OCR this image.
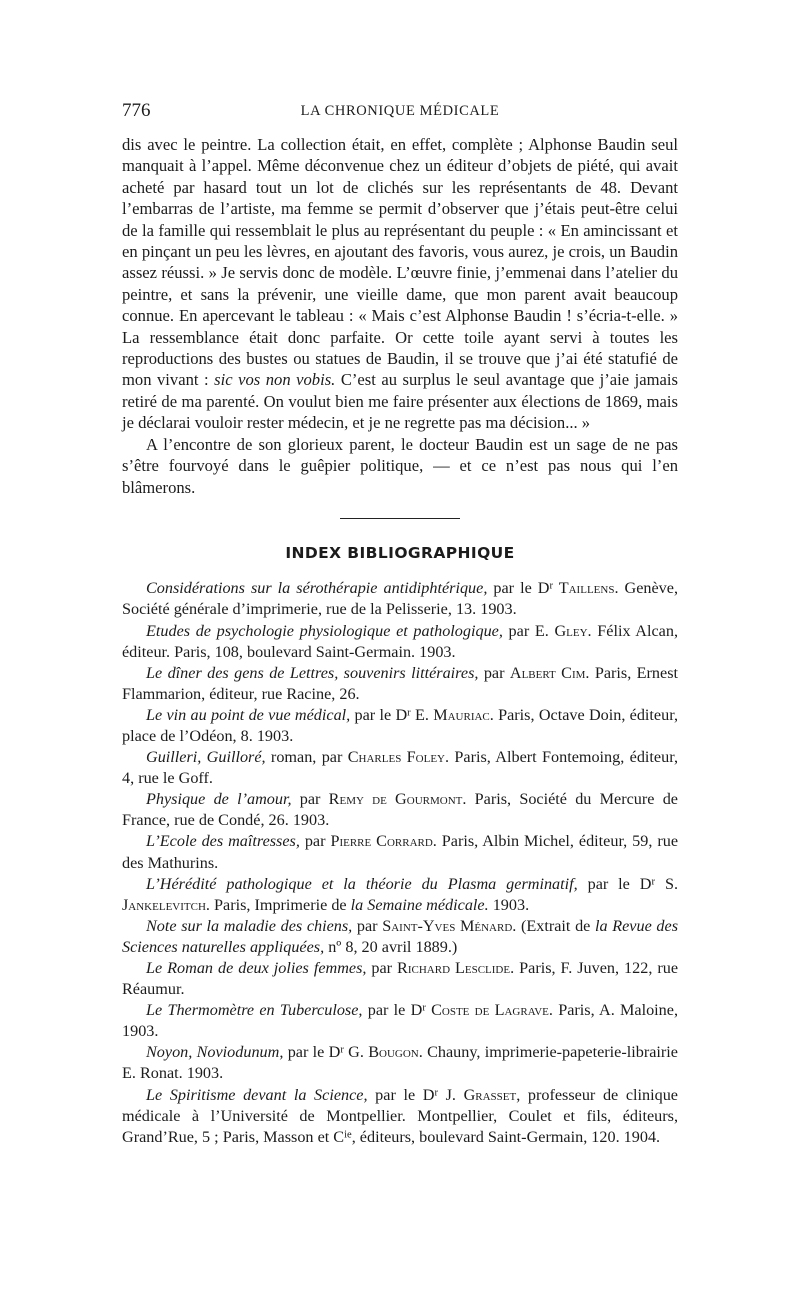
776	LA CHRONIQUE MÉDICALE

dis avec le peintre. La collection était, en effet, complète ; Alphonse Baudin seul manquait à l’appel. Même déconvenue chez un éditeur d’objets de piété, qui avait acheté par hasard tout un lot de clichés sur les représentants de 48. Devant l’embarras de l’artiste, ma femme se permit d’observer que j’étais peut-être celui de la famille qui ressemblait le plus au représentant du peuple : « En amincissant et en pinçant un peu les lèvres, en ajoutant des favoris, vous aurez, je crois, un Baudin assez réussi. » Je servis donc de modèle. L’œuvre finie, j’emmenai dans l’atelier du peintre, et sans la prévenir, une vieille dame, que mon parent avait beaucoup connue. En apercevant le tableau : « Mais c’est Alphonse Baudin ! s’écria-t-elle. » La ressemblance était donc parfaite. Or cette toile ayant servi à toutes les reproductions des bustes ou statues de Baudin, il se trouve que j’ai été statufié de mon vivant : sic vos non vobis. C’est au surplus le seul avantage que j’aie jamais retiré de ma parenté. On voulut bien me faire présenter aux élections de 1869, mais je déclarai vouloir rester médecin, et je ne regrette pas ma décision... »

A l’encontre de son glorieux parent, le docteur Baudin est un sage de ne pas s’être fourvoyé dans le guêpier politique, — et ce n’est pas nous qui l’en blâmerons.

INDEX BIBLIOGRAPHIQUE

Considérations sur la sérothérapie antidiphtérique, par le $D^r$ Taillens. Genève, Société générale d’imprimerie, rue de la Pelisserie, 13. 1903.

Etudes de psychologie physiologique et pathologique, par E. Gley. Félix Alcan, éditeur. Paris, 108, boulevard Saint-Germain. 1903.

Le dîner des gens de Lettres, souvenirs littéraires, par Albert Cim. Paris, Ernest Flammarion, éditeur, rue Racine, 26.

Le vin au point de vue médical, par le $D^r$ E. Mauriac. Paris, Octave Doin, éditeur, place de l’Odéon, 8. 1903.

Guilleri, Guilloré, roman, par Charles Foley. Paris, Albert Fontemoing, éditeur, 4, rue le Goff.

Physique de l’amour, par Remy de Gourmont. Paris, Société du Mercure de France, rue de Condé, 26. 1903.

L’Ecole des maîtresses, par Pierre Corrard. Paris, Albin Michel, éditeur, 59, rue des Mathurins.

L’Hérédité pathologique et la théorie du Plasma germinatif, par le $D^r$ S. Jankelevitch. Paris, Imprimerie de la Semaine médicale. 1903.

Note sur la maladie des chiens, par Saint-Yves Ménard. (Extrait de la Revue des Sciences naturelles appliquées, nº 8, 20 avril 1889.)

Le Roman de deux jolies femmes, par Richard Lesclide. Paris, F. Juven, 122, rue Réaumur.

Le Thermomètre en Tuberculose, par le $D^r$ Coste de Lagrave. Paris, A. Maloine, 1903.

Noyon, Noviodunum, par le $D^r$ G. Bougon. Chauny, imprimerie-papeterie-librairie E. Ronat. 1903.

Le Spiritisme devant la Science, par le $D^r$ J. Grasset, professeur de clinique médicale à l’Université de Montpellier. Montpellier, Coulet et fils, éditeurs, Grand’Rue, 5 ; Paris, Masson et $C^{ie}$, éditeurs, boulevard Saint-Germain, 120. 1904.
